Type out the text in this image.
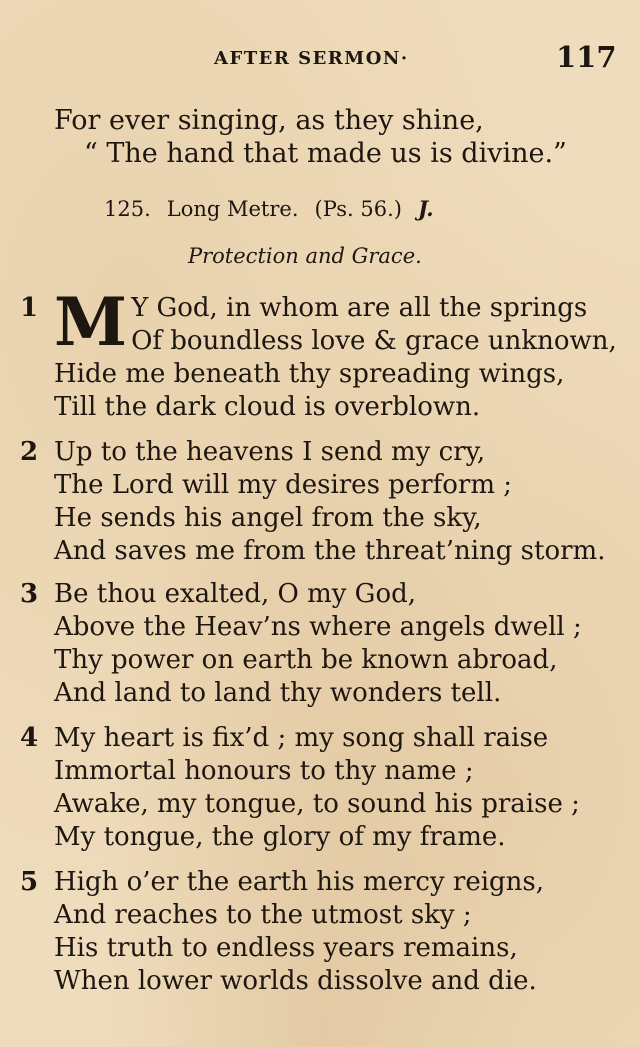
AFTER SERMON·	117
For ever singing, as they shine,
“ The hand that made us is divine.”
125. Long Metre. (Ps. 56.) J.
Protection and Grace.
1 M Y God, in whom are all the springs
Of boundless love & grace unknown,
Hide me beneath thy spreading wings,
Till the dark cloud is overblown.
2 Up to the heavens I send my cry,
The Lord will my desires perform ;
He sends his angel from the sky,
And saves me from the threat’ning storm.
3 Be thou exalted, O my God,
Above the Heav’ns where angels dwell ;
Thy power on earth be known abroad,
And land to land thy wonders tell.
4 My heart is fix’d ; my song shall raise
Immortal honours to thy name ;
Awake, my tongue, to sound his praise ;
My tongue, the glory of my frame.
5 High o’er the earth his mercy reigns,
And reaches to the utmost sky ;
His truth to endless years remains,
When lower worlds dissolve and die.
